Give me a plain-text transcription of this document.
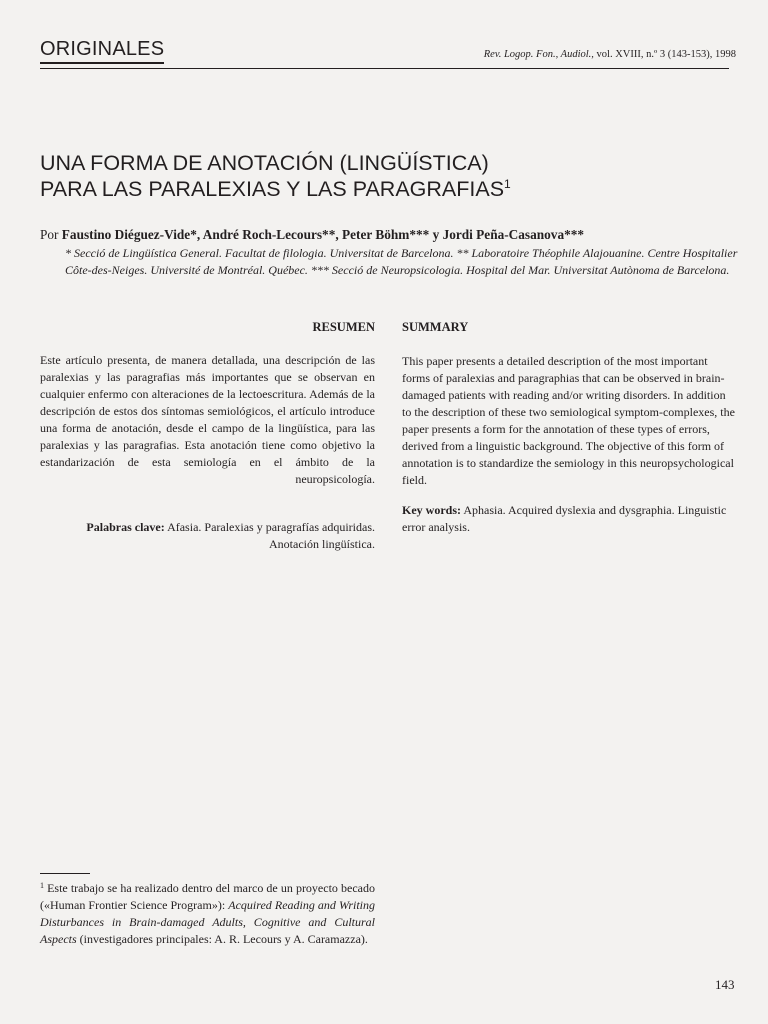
ORIGINALES	Rev. Logop. Fon., Audiol., vol. XVIII, n.º 3 (143-153), 1998
UNA FORMA DE ANOTACIÓN (LINGÜÍSTICA)
PARA LAS PARALEXIAS Y LAS PARAGRAFIAS$^1$
Por Faustino Diéguez-Vide*, André Roch-Lecours**, Peter Böhm*** y Jordi Peña-Casanova***
* Secció de Lingüística General. Facultat de filologia. Universitat de Barcelona. ** Laboratoire Théophile Alajouanine. Centre Hospitalier Côte-des-Neiges. Université de Montréal. Québec. *** Secció de Neuropsicologia. Hospital del Mar. Universitat Autònoma de Barcelona.
RESUMEN
Este artículo presenta, de manera detallada, una descripción de las paralexias y las paragrafias más importantes que se observan en cualquier enfermo con alteraciones de la lectoescritura. Además de la descripción de estos dos síntomas semiológicos, el artículo introduce una forma de anotación, desde el campo de la lingüística, para las paralexias y las paragrafias. Esta anotación tiene como objetivo la estandarización de esta semiología en el ámbito de la neuropsicología.
Palabras clave: Afasia. Paralexias y paragrafías adquiridas. Anotación lingüística.
SUMMARY
This paper presents a detailed description of the most important forms of paralexias and paragraphias that can be observed in brain-damaged patients with reading and/or writing disorders. In addition to the description of these two semiological symptom-complexes, the paper presents a form for the annotation of these types of errors, derived from a linguistic background. The objective of this form of annotation is to standardize the semiology in this neuropsychological field.
Key words: Aphasia. Acquired dyslexia and dysgraphia. Linguistic error analysis.
$^1$ Este trabajo se ha realizado dentro del marco de un proyecto becado («Human Frontier Science Program»): Acquired Reading and Writing Disturbances in Brain-damaged Adults, Cognitive and Cultural Aspects (investigadores principales: A. R. Lecours y A. Caramazza).
143
